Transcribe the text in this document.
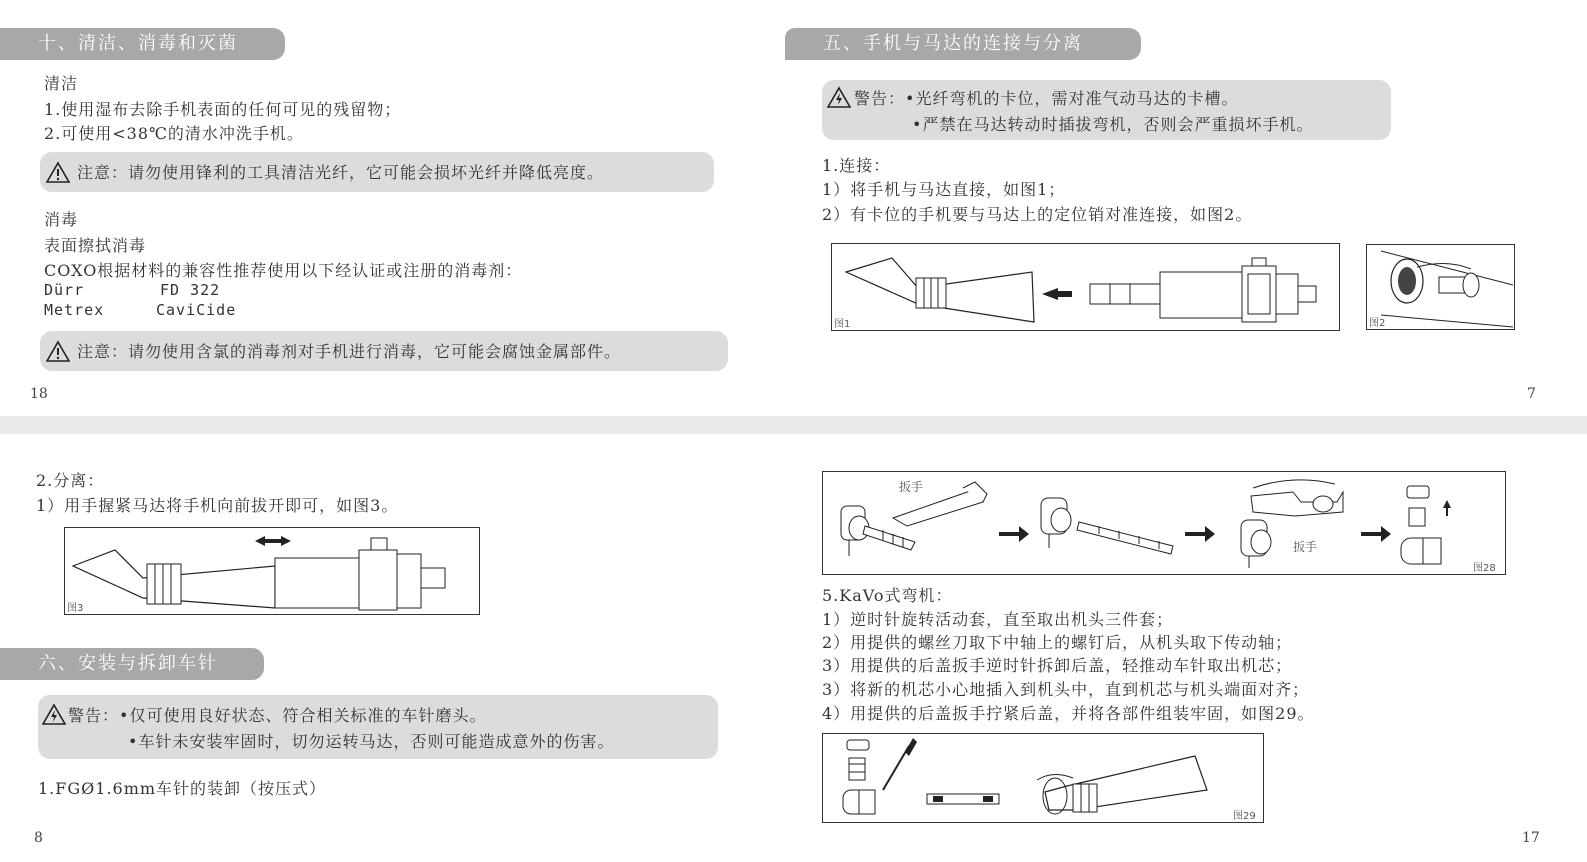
十、清洁、消毒和灭菌
清洁
1.使用湿布去除手机表面的任何可见的残留物；
2.可使用<38℃的清水冲洗手机。
注意：请勿使用锋利的工具清洁光纤，它可能会损坏光纤并降低亮度。
消毒
表面擦拭消毒
COXO根据材料的兼容性推荐使用以下经认证或注册的消毒剂：
Dürr	FD 322
Metrex	CaviCide
注意：请勿使用含氯的消毒剂对手机进行消毒，它可能会腐蚀金属部件。
18
五、手机与马达的连接与分离
警告：•光纤弯机的卡位，需对准气动马达的卡槽。
•严禁在马达转动时插拔弯机，否则会严重损坏手机。
1.连接：
1）将手机与马达直接，如图1；
2）有卡位的手机要与马达上的定位销对准连接，如图2。
图1	图2
7
2.分离：
1）用手握紧马达将手机向前拔开即可，如图3。
图3
六、安装与拆卸车针
警告：•仅可使用良好状态、符合相关标准的车针磨头。
•车针未安装牢固时，切勿运转马达，否则可能造成意外的伤害。
1.FGØ1.6mm车针的装卸（按压式）
8
扳手
扳手
图28
5.KaVo式弯机：
1）逆时针旋转活动套，直至取出机头三件套；
2）用提供的螺丝刀取下中轴上的螺钉后，从机头取下传动轴；
3）用提供的后盖扳手逆时针拆卸后盖，轻推动车针取出机芯；
3）将新的机芯小心地插入到机头中，直到机芯与机头端面对齐；
4）用提供的后盖扳手拧紧后盖，并将各部件组装牢固，如图29。
图29
17
